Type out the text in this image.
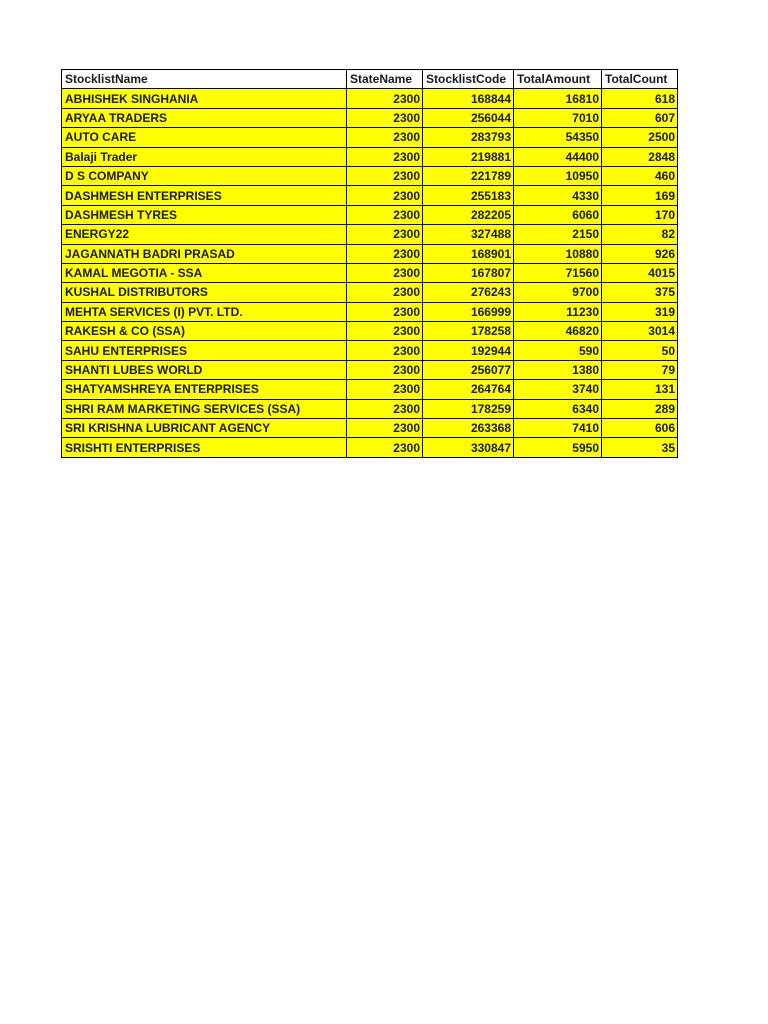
StocklistName	StateName	StocklistCode	TotalAmount	TotalCount
ABHISHEK SINGHANIA	2300	168844	16810	618
ARYAA TRADERS	2300	256044	7010	607
AUTO CARE	2300	283793	54350	2500
Balaji Trader	2300	219881	44400	2848
D S COMPANY	2300	221789	10950	460
DASHMESH ENTERPRISES	2300	255183	4330	169
DASHMESH TYRES	2300	282205	6060	170
ENERGY22	2300	327488	2150	82
JAGANNATH BADRI PRASAD	2300	168901	10880	926
KAMAL MEGOTIA - SSA	2300	167807	71560	4015
KUSHAL DISTRIBUTORS	2300	276243	9700	375
MEHTA SERVICES (I) PVT. LTD.	2300	166999	11230	319
RAKESH & CO (SSA)	2300	178258	46820	3014
SAHU ENTERPRISES	2300	192944	590	50
SHANTI LUBES WORLD	2300	256077	1380	79
SHATYAMSHREYA ENTERPRISES	2300	264764	3740	131
SHRI RAM MARKETING SERVICES (SSA)	2300	178259	6340	289
SRI KRISHNA LUBRICANT AGENCY	2300	263368	7410	606
SRISHTI ENTERPRISES	2300	330847	5950	35
